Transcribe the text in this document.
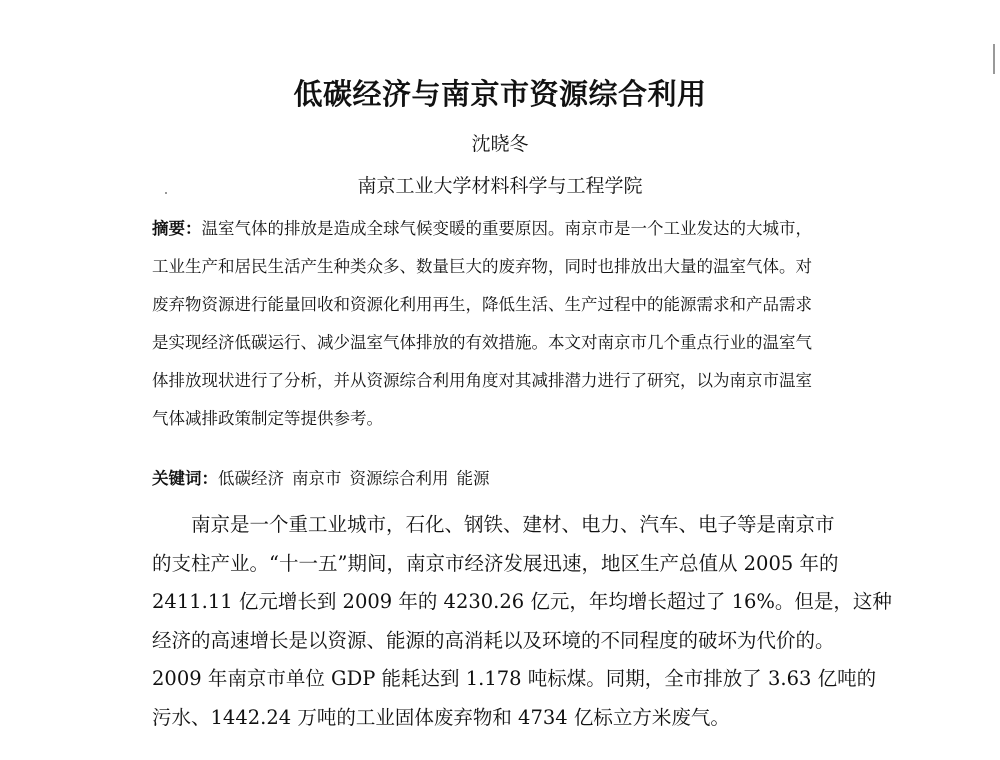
低碳经济与南京市资源综合利用
沈晓冬
南京工业大学材料科学与工程学院
摘要：温室气体的排放是造成全球气候变暖的重要原因。南京市是一个工业发达的大城市，
工业生产和居民生活产生种类众多、数量巨大的废弃物，同时也排放出大量的温室气体。对
废弃物资源进行能量回收和资源化利用再生，降低生活、生产过程中的能源需求和产品需求
是实现经济低碳运行、减少温室气体排放的有效措施。本文对南京市几个重点行业的温室气
体排放现状进行了分析，并从资源综合利用角度对其减排潜力进行了研究，以为南京市温室
气体减排政策制定等提供参考。
关键词：低碳经济 南京市 资源综合利用 能源
南京是一个重工业城市，石化、钢铁、建材、电力、汽车、电子等是南京市
的支柱产业。“十一五”期间，南京市经济发展迅速，地区生产总值从 2005 年的
2411.11 亿元增长到 2009 年的 4230.26 亿元，年均增长超过了 16%。但是，这种
经济的高速增长是以资源、能源的高消耗以及环境的不同程度的破坏为代价的。
2009 年南京市单位 GDP 能耗达到 1.178 吨标煤。同期，全市排放了 3.63 亿吨的
污水、1442.24 万吨的工业固体废弃物和 4734 亿标立方米废气。
